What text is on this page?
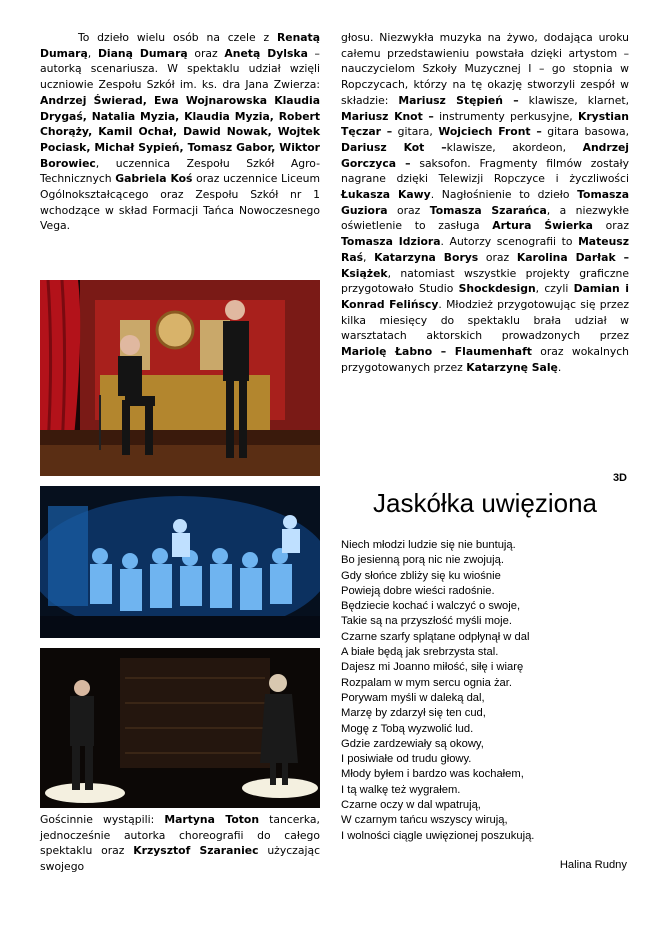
To dzieło wielu osób na czele z Renatą Dumarą, Dianą Dumarą oraz Anetą Dylska – autorką scenariusza. W spektaklu udział wzięli uczniowie Zespołu Szkół im. ks. dra Jana Zwierza: Andrzej Świerad, Ewa Wojnarowska Klaudia Drygaś, Natalia Myzia, Klaudia Myzia, Robert Chorąży, Kamil Ochał, Dawid Nowak, Wojtek Pociask, Michał Sypień, Tomasz Gabor, Wiktor Borowiec, uczennica Zespołu Szkół Agro-Technicznych Gabriela Koś oraz uczennice Liceum Ogólnokształcącego oraz Zespołu Szkół nr 1 wchodzące w skład Formacji Tańca Nowoczesnego Vega.

Gościnnie wystąpili: Martyna Toton tancerka, jednocześnie autorka choreografii do całego spektaklu oraz Krzysztof Szaraniec użyczając swojego
głosu. Niezwykła muzyka na żywo, dodająca uroku całemu przedstawieniu powstała dzięki artystom – nauczycielom Szkoły Muzycznej I – go stopnia w Ropczycach, którzy na tę okazję stworzyli zespół w składzie: Mariusz Stępień – klawisze, klarnet, Mariusz Knot – instrumenty perkusyjne, Krystian Tęczar – gitara, Wojciech Front – gitara basowa, Dariusz Kot –klawisze, akordeon, Andrzej Gorczyca – saksofon. Fragmenty filmów zostały nagrane dzięki Telewizji Ropczyce i życzliwości Łukasza Kawy. Nagłośnienie to dzieło Tomasza Guziora oraz Tomasza Szarańca, a niezwykłe oświetlenie to zasługa Artura Świerka oraz Tomasza Idziora. Autorzy scenografii to Mateusz Raś, Katarzyna Borys oraz Karolina Darłak – Książek, natomiast wszystkie projekty graficzne przygotowało Studio Shockdesign, czyli Damian i Konrad Felińscy. Młodzież przygotowując się przez kilka miesięcy do spektaklu brała udział w warsztatach aktorskich prowadzonych przez Mariolę Łabno – Flaumenhaft oraz wokalnych przygotowanych przez Katarzynę Salę.
3D
Jaskółka uwięziona
Niech młodzi ludzie się nie buntują.
Bo jesienną porą nic nie zwojują.
Gdy słońce zbliży się ku wiośnie
Powieją dobre wieści radośnie.
Będziecie kochać i walczyć o swoje,
Takie są na przyszłość myśli moje.
Czarne szarfy splątane odpłynął w dal
A białe będą jak srebrzysta stal.
Dajesz mi Joanno miłość, siłę i wiarę
Rozpalam w mym sercu ognia żar.
Porywam myśli w daleką dal,
Marzę by zdarzył się ten cud,
Mogę z Tobą wyzwolić lud.
Gdzie zardzewiały są okowy,
I posiwiałe od trudu głowy.
Młody byłem i bardzo was kochałem,
I tą walkę też wygrałem.
Czarne oczy w dal wpatrują,
W czarnym tańcu wszyscy wirują,
I wolności ciągle uwięzionej poszukują.
Halina Rudny
